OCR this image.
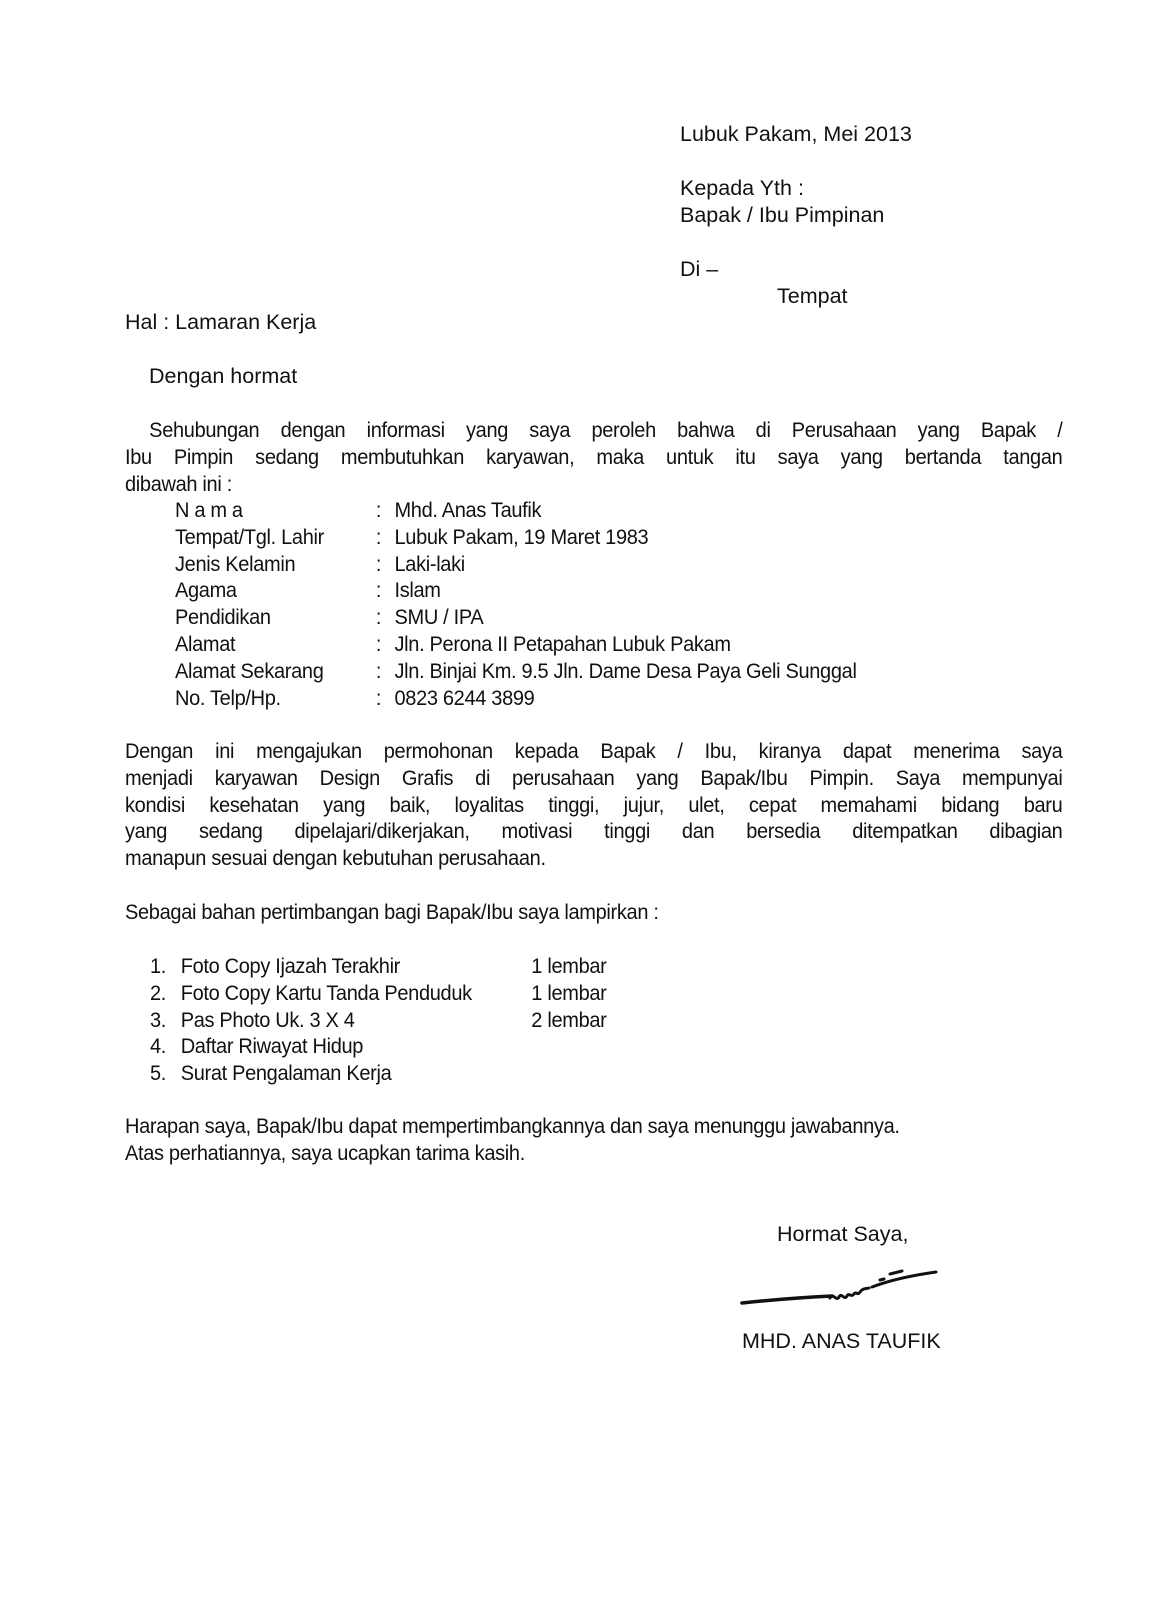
Lubuk Pakam, Mei 2013
Kepada Yth :
Bapak / Ibu Pimpinan
Di –
Tempat
Hal : Lamaran Kerja
Dengan hormat
Sehubungan dengan informasi yang saya peroleh bahwa di Perusahaan yang Bapak /
Ibu Pimpin sedang membutuhkan karyawan, maka untuk itu saya yang bertanda tangan
dibawah ini :
N a m a	: Mhd. Anas Taufik
Tempat/Tgl. Lahir : Lubuk Pakam, 19 Maret 1983
Jenis Kelamin	: Laki-laki
Agama	: Islam
Pendidikan	: SMU / IPA
Alamat	: Jln. Perona II Petapahan Lubuk Pakam
Alamat Sekarang : Jln. Binjai Km. 9.5 Jln. Dame Desa Paya Geli Sunggal
No. Telp/Hp.	: 0823 6244 3899
Dengan ini mengajukan permohonan kepada Bapak / Ibu, kiranya dapat menerima saya
menjadi karyawan Design Grafis di perusahaan yang Bapak/Ibu Pimpin. Saya mempunyai
kondisi kesehatan yang baik, loyalitas tinggi, jujur, ulet, cepat memahami bidang baru
yang sedang dipelajari/dikerjakan, motivasi tinggi dan bersedia ditempatkan dibagian
manapun sesuai dengan kebutuhan perusahaan.
Sebagai bahan pertimbangan bagi Bapak/Ibu saya lampirkan :
1. Foto Copy Ijazah Terakhir	1 lembar
2. Foto Copy Kartu Tanda Penduduk	1 lembar
3. Pas Photo Uk. 3 X 4	2 lembar
4. Daftar Riwayat Hidup
5. Surat Pengalaman Kerja
Harapan saya, Bapak/Ibu dapat mempertimbangkannya dan saya menunggu jawabannya.
Atas perhatiannya, saya ucapkan tarima kasih.
Hormat Saya,
MHD. ANAS TAUFIK
